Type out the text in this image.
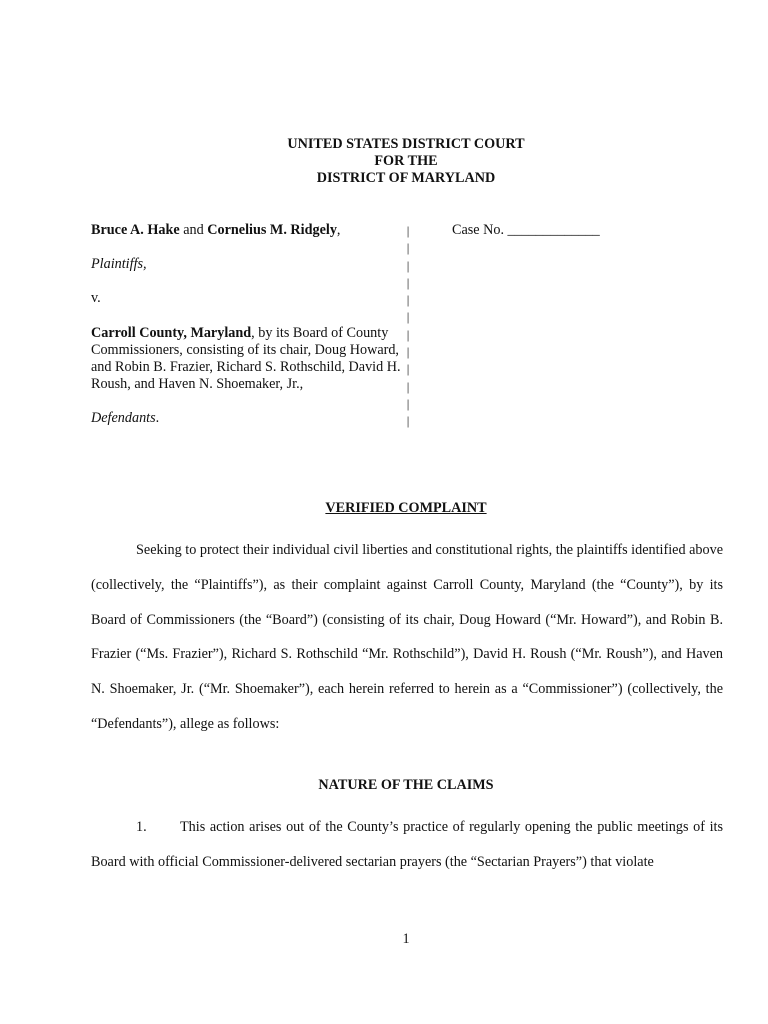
UNITED STATES DISTRICT COURT
FOR THE
DISTRICT OF MARYLAND

Bruce A. Hake and Cornelius M. Ridgely,

Plaintiffs,

v.

Carroll County, Maryland, by its Board of County Commissioners, consisting of its chair, Doug Howard, and Robin B. Frazier, Richard S. Rothschild, David H. Roush, and Haven N. Shoemaker, Jr.,

Defendants.

|
|
|
|
|
|
|
|
|
|
|
|
Case No. _____________
VERIFIED COMPLAINT

Seeking to protect their individual civil liberties and constitutional rights, the plaintiffs identified above (collectively, the “Plaintiffs”), as their complaint against Carroll County, Maryland (the “County”), by its Board of Commissioners (the “Board”) (consisting of its chair, Doug Howard (“Mr. Howard”), and Robin B. Frazier (“Ms. Frazier”), Richard S. Rothschild “Mr. Rothschild”), David H. Roush (“Mr. Roush”), and Haven N. Shoemaker, Jr. (“Mr. Shoemaker”), each herein referred to herein as a “Commissioner”) (collectively, the “Defendants”), allege as follows:

NATURE OF THE CLAIMS

1. This action arises out of the County’s practice of regularly opening the public meetings of its Board with official Commissioner-delivered sectarian prayers (the “Sectarian Prayers”) that violate

1
